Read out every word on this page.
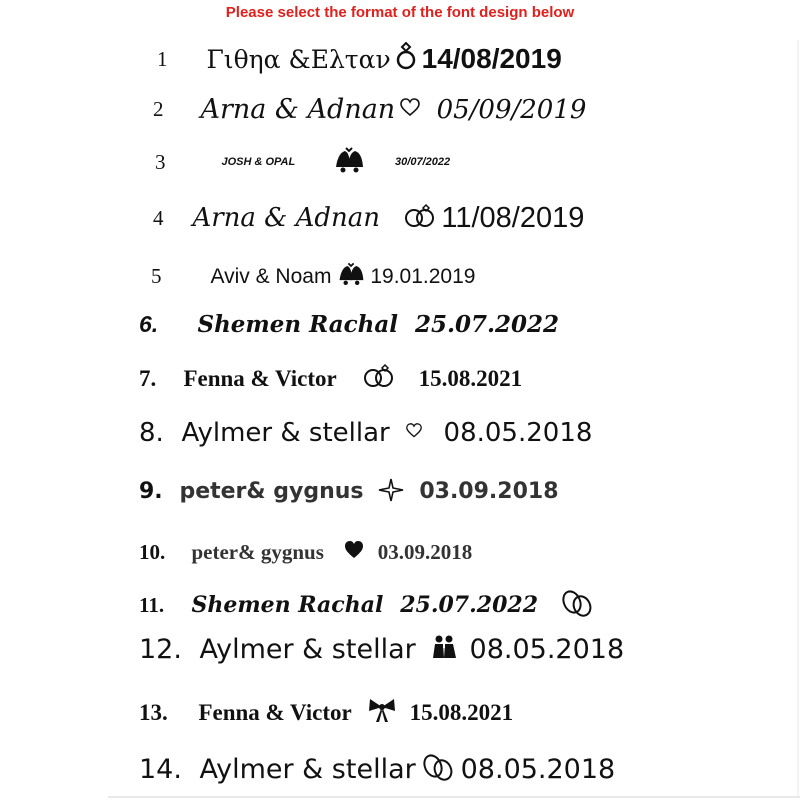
Please select the format of the font design below
1 Γιθηα &Ελταν 14/08/2019
2 Arna & Adnan 05/09/2019
3	JOSH & OPAL	30/07/2022
4 Arna & Adnan 11/08/2019
5 Aviv & Noam 19.01.2019
6. Shemen Rachal 25.07.2022
7. Fenna & Victor	15.08.2021
8. Aylmer & stellar 08.05.2018
9. peter& gygnus	03.09.2018
10. peter& gygnus	03.09.2018
11. Shemen Rachal 25.07.2022
12. Aylmer & stellar 08.05.2018
13. Fenna & Victor	15.08.2021
14. Aylmer & stellar 08.05.2018
